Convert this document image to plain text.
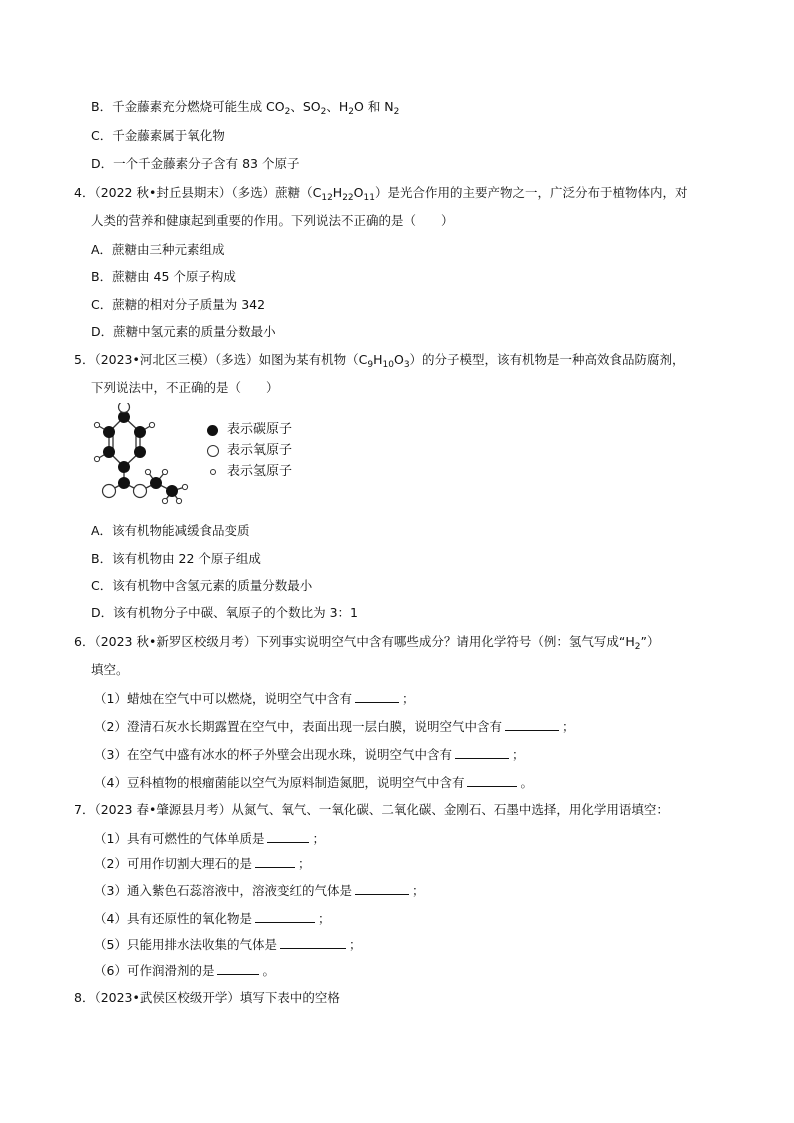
B．千金藤素充分燃烧可能生成 $CO_2$、$SO_2$、$H_2O$ 和 $N_2$
C．千金藤素属于氧化物
D．一个千金藤素分子含有 83 个原子
4．（2022 秋•封丘县期末）（多选）蔗糖$(C_{12}H_{22}O_{11})$是光合作用的主要产物之一，广泛分布于植物体内，对
人类的营养和健康起到重要的作用。下列说法不正确的是（　　）
A．蔗糖由三种元素组成
B．蔗糖由 45 个原子构成
C．蔗糖的相对分子质量为 342
D．蔗糖中氢元素的质量分数最小
5．（2023•河北区三模）（多选）如图为某有机物$(C_9H_{10}O_3)$的分子模型，该有机物是一种高效食品防腐剂，
下列说法中，不正确的是（　　）
表示碳原子
表示氧原子
表示氢原子
A．该有机物能减缓食品变质
B．该有机物由 22 个原子组成
C．该有机物中含氢元素的质量分数最小
D．该有机物分子中碳、氧原子的个数比为 3：1
6．（2023 秋•新罗区校级月考）下列事实说明空气中含有哪些成分？请用化学符号（例：氢气写成“$H_2$”）
填空。
（1）蜡烛在空气中可以燃烧，说明空气中含有	；
（2）澄清石灰水长期露置在空气中，表面出现一层白膜，说明空气中含有	；
（3）在空气中盛有冰水的杯子外壁会出现水珠，说明空气中含有	；
（4）豆科植物的根瘤菌能以空气为原料制造氮肥，说明空气中含有	。
7．（2023 春•肇源县月考）从氮气、氧气、一氧化碳、二氧化碳、金刚石、石墨中选择，用化学用语填空：
（1）具有可燃性的气体单质是	；
（2）可用作切割大理石的是	；
（3）通入紫色石蕊溶液中，溶液变红的气体是	；
（4）具有还原性的氧化物是	；
（5）只能用排水法收集的气体是	；
（6）可作润滑剂的是	。
8．（2023•武侯区校级开学）填写下表中的空格
